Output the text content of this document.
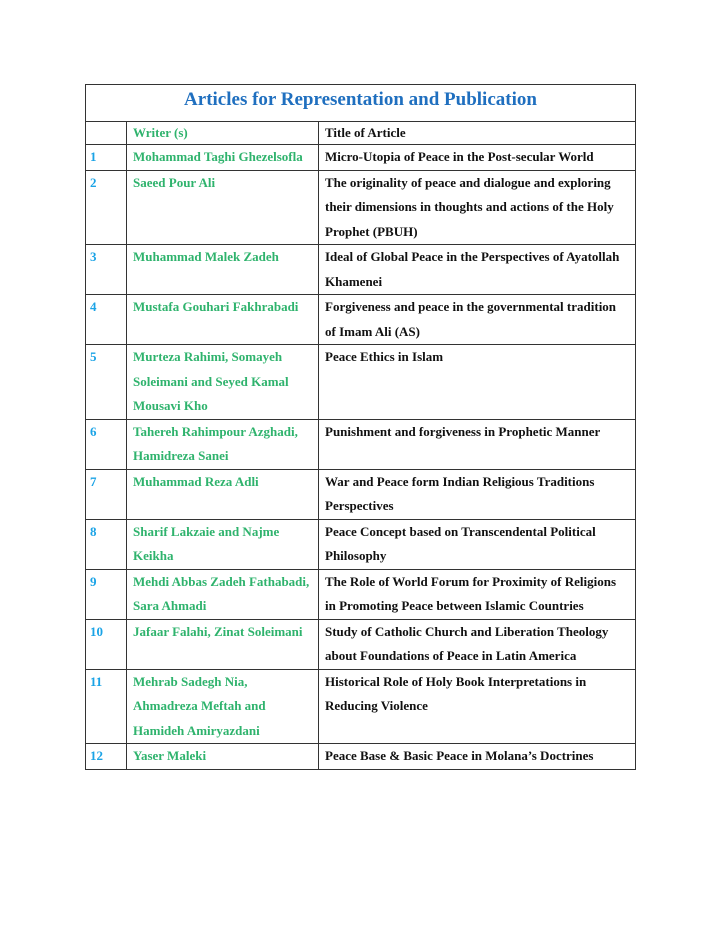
Articles for Representation and Publication		
	Writer (s)	Title of Article
1	Mohammad Taghi Ghezelsofla	Micro-Utopia of Peace in the Post-secular World
2	Saeed Pour Ali	The originality of peace and dialogue and exploring their dimensions in thoughts and actions of the Holy Prophet (PBUH)
3	Muhammad Malek Zadeh	Ideal of Global Peace in the Perspectives of Ayatollah Khamenei
4	Mustafa Gouhari Fakhrabadi	Forgiveness and peace in the governmental tradition of Imam Ali (AS)
5	Murteza Rahimi, Somayeh Soleimani and Seyed Kamal Mousavi Kho	Peace Ethics in Islam
6	Tahereh Rahimpour Azghadi, Hamidreza Sanei	Punishment and forgiveness in Prophetic Manner
7	Muhammad Reza Adli	War and Peace form Indian Religious Traditions Perspectives
8	Sharif Lakzaie and Najme Keikha	Peace Concept based on Transcendental Political Philosophy
9	Mehdi Abbas Zadeh Fathabadi, Sara Ahmadi	The Role of World Forum for Proximity of Religions in Promoting Peace between Islamic Countries
10	Jafaar Falahi, Zinat Soleimani	Study of Catholic Church and Liberation Theology about Foundations of Peace in Latin America
11	Mehrab Sadegh Nia, Ahmadreza Meftah and Hamideh Amiryazdani	Historical Role of Holy Book Interpretations in Reducing Violence
12	Yaser Maleki	Peace Base & Basic Peace in Molana’s Doctrines
